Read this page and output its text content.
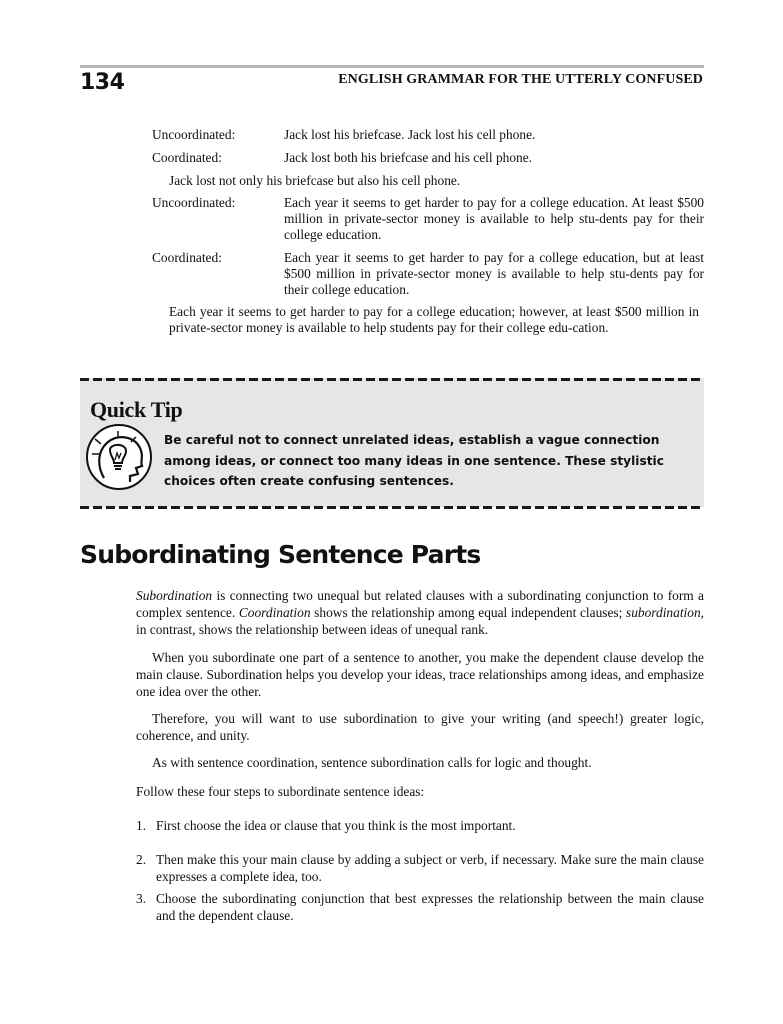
134	ENGLISH GRAMMAR FOR THE UTTERLY CONFUSED
Uncoordinated:	Jack lost his briefcase. Jack lost his cell phone.
Coordinated:	Jack lost both his briefcase and his cell phone.
Jack lost not only his briefcase but also his cell phone.
Uncoordinated:	Each year it seems to get harder to pay for a college education. At least $500 million in private-sector money is available to help stu-dents pay for their college education.
Coordinated:	Each year it seems to get harder to pay for a college education, but at least $500 million in private-sector money is available to help stu-dents pay for their college education.
Each year it seems to get harder to pay for a college education; however, at least $500 million in private-sector money is available to help students pay for their college edu-cation.
Quick Tip
Be careful not to connect unrelated ideas, establish a vague connection among ideas, or connect too many ideas in one sentence. These stylistic choices often create confusing sentences.
Subordinating Sentence Parts
Subordination is connecting two unequal but related clauses with a subordinating conjunction to form a complex sentence. Coordination shows the relationship among equal independent clauses; subordination, in contrast, shows the relationship between ideas of unequal rank.
When you subordinate one part of a sentence to another, you make the dependent clause develop the main clause. Subordination helps you develop your ideas, trace relationships among ideas, and emphasize one idea over the other.
Therefore, you will want to use subordination to give your writing (and speech!) greater logic, coherence, and unity.
As with sentence coordination, sentence subordination calls for logic and thought.
Follow these four steps to subordinate sentence ideas:
1. First choose the idea or clause that you think is the most important.
2. Then make this your main clause by adding a subject or verb, if necessary. Make sure the main clause expresses a complete idea, too.
3. Choose the subordinating conjunction that best expresses the relationship between the main clause and the dependent clause.
